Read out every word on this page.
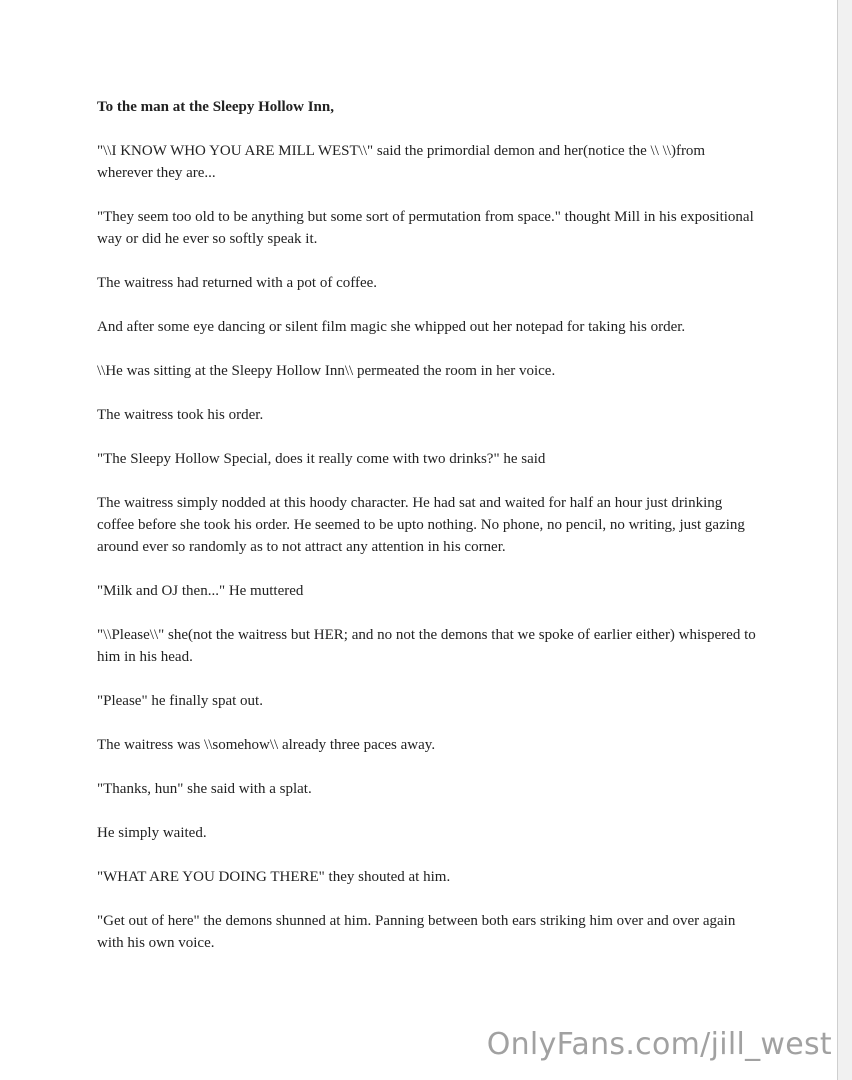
To the man at the Sleepy Hollow Inn,

"\\I KNOW WHO YOU ARE MILL WEST\\" said the primordial demon and her(notice the \\ \\)from wherever they are...

"They seem too old to be anything but some sort of permutation from space." thought Mill in his expositional way or did he ever so softly speak it.

The waitress had returned with a pot of coffee.

And after some eye dancing or silent film magic she whipped out her notepad for taking his order.

\\He was sitting at the Sleepy Hollow Inn\\ permeated the room in her voice.

The waitress took his order.

"The Sleepy Hollow Special, does it really come with two drinks?" he said

The waitress simply nodded at this hoody character. He had sat and waited for half an hour just drinking coffee before she took his order. He seemed to be upto nothing. No phone, no pencil, no writing, just gazing around ever so randomly as to not attract any attention in his corner.

"Milk and OJ then..." He muttered

"\\Please\\" she(not the waitress but HER; and no not the demons that we spoke of earlier either) whispered to him in his head.

"Please" he finally spat out.

The waitress was \\somehow\\ already three paces away.

"Thanks, hun" she said with a splat.

He simply waited.

"WHAT ARE YOU DOING THERE" they shouted at him.

"Get out of here" the demons shunned at him. Panning between both ears striking him over and over again with his own voice.

OnlyFans.com/jill_west
